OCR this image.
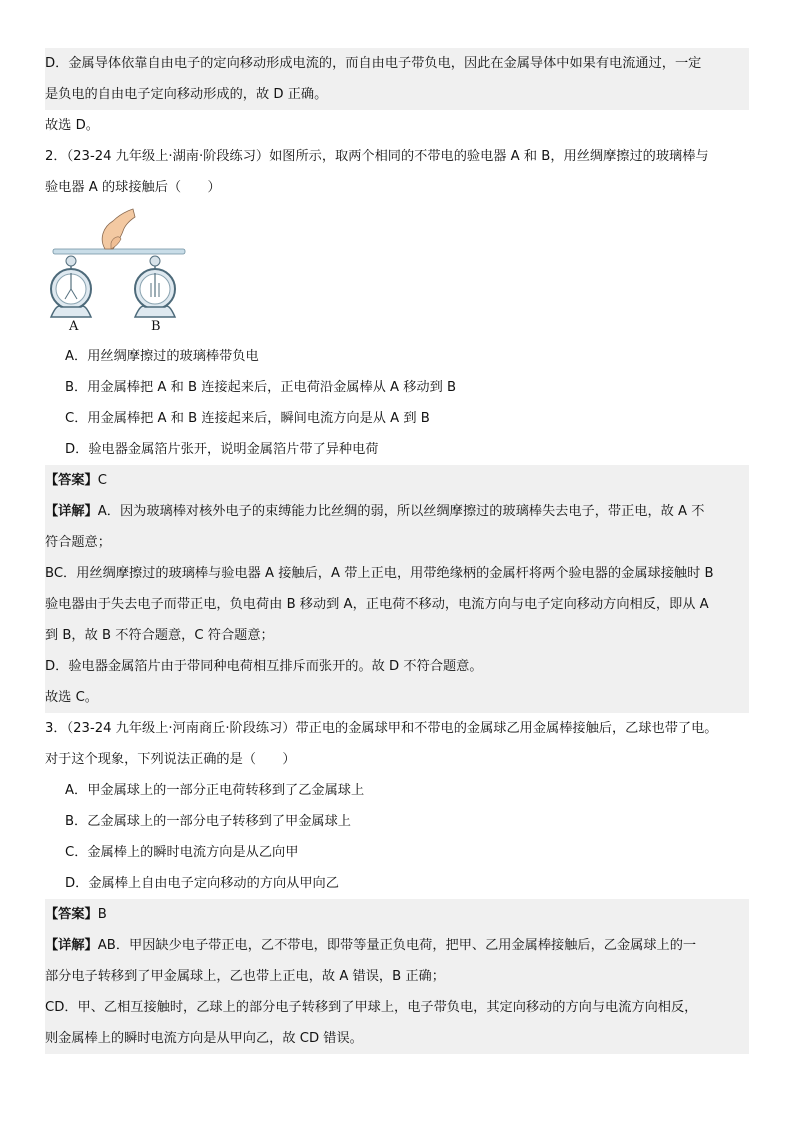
D．金属导体依靠自由电子的定向移动形成电流的，而自由电子带负电，因此在金属导体中如果有电流通过，一定
是负电的自由电子定向移动形成的，故 D 正确。
故选 D。
2．（23-24 九年级上·湖南·阶段练习）如图所示，取两个相同的不带电的验电器 A 和 B，用丝绸摩擦过的玻璃棒与
验电器 A 的球接触后（　　）
A	B
A．用丝绸摩擦过的玻璃棒带负电
B．用金属棒把 A 和 B 连接起来后，正电荷沿金属棒从 A 移动到 B
C．用金属棒把 A 和 B 连接起来后，瞬间电流方向是从 A 到 B
D．验电器金属箔片张开，说明金属箔片带了异种电荷
【答案】C
【详解】A．因为玻璃棒对核外电子的束缚能力比丝绸的弱，所以丝绸摩擦过的玻璃棒失去电子，带正电，故 A 不
符合题意；
BC．用丝绸摩擦过的玻璃棒与验电器 A 接触后，A 带上正电，用带绝缘柄的金属杆将两个验电器的金属球接触时 B
验电器由于失去电子而带正电，负电荷由 B 移动到 A，正电荷不移动，电流方向与电子定向移动方向相反，即从 A
到 B，故 B 不符合题意，C 符合题意；
D．验电器金属箔片由于带同种电荷相互排斥而张开的。故 D 不符合题意。
故选 C。
3．（23-24 九年级上·河南商丘·阶段练习）带正电的金属球甲和不带电的金属球乙用金属棒接触后，乙球也带了电。
对于这个现象，下列说法正确的是（　　）
A．甲金属球上的一部分正电荷转移到了乙金属球上
B．乙金属球上的一部分电子转移到了甲金属球上
C．金属棒上的瞬时电流方向是从乙向甲
D．金属棒上自由电子定向移动的方向从甲向乙
【答案】B
【详解】AB．甲因缺少电子带正电，乙不带电，即带等量正负电荷，把甲、乙用金属棒接触后，乙金属球上的一
部分电子转移到了甲金属球上，乙也带上正电，故 A 错误，B 正确；
CD．甲、乙相互接触时，乙球上的部分电子转移到了甲球上，电子带负电，其定向移动的方向与电流方向相反，
则金属棒上的瞬时电流方向是从甲向乙，故 CD 错误。
